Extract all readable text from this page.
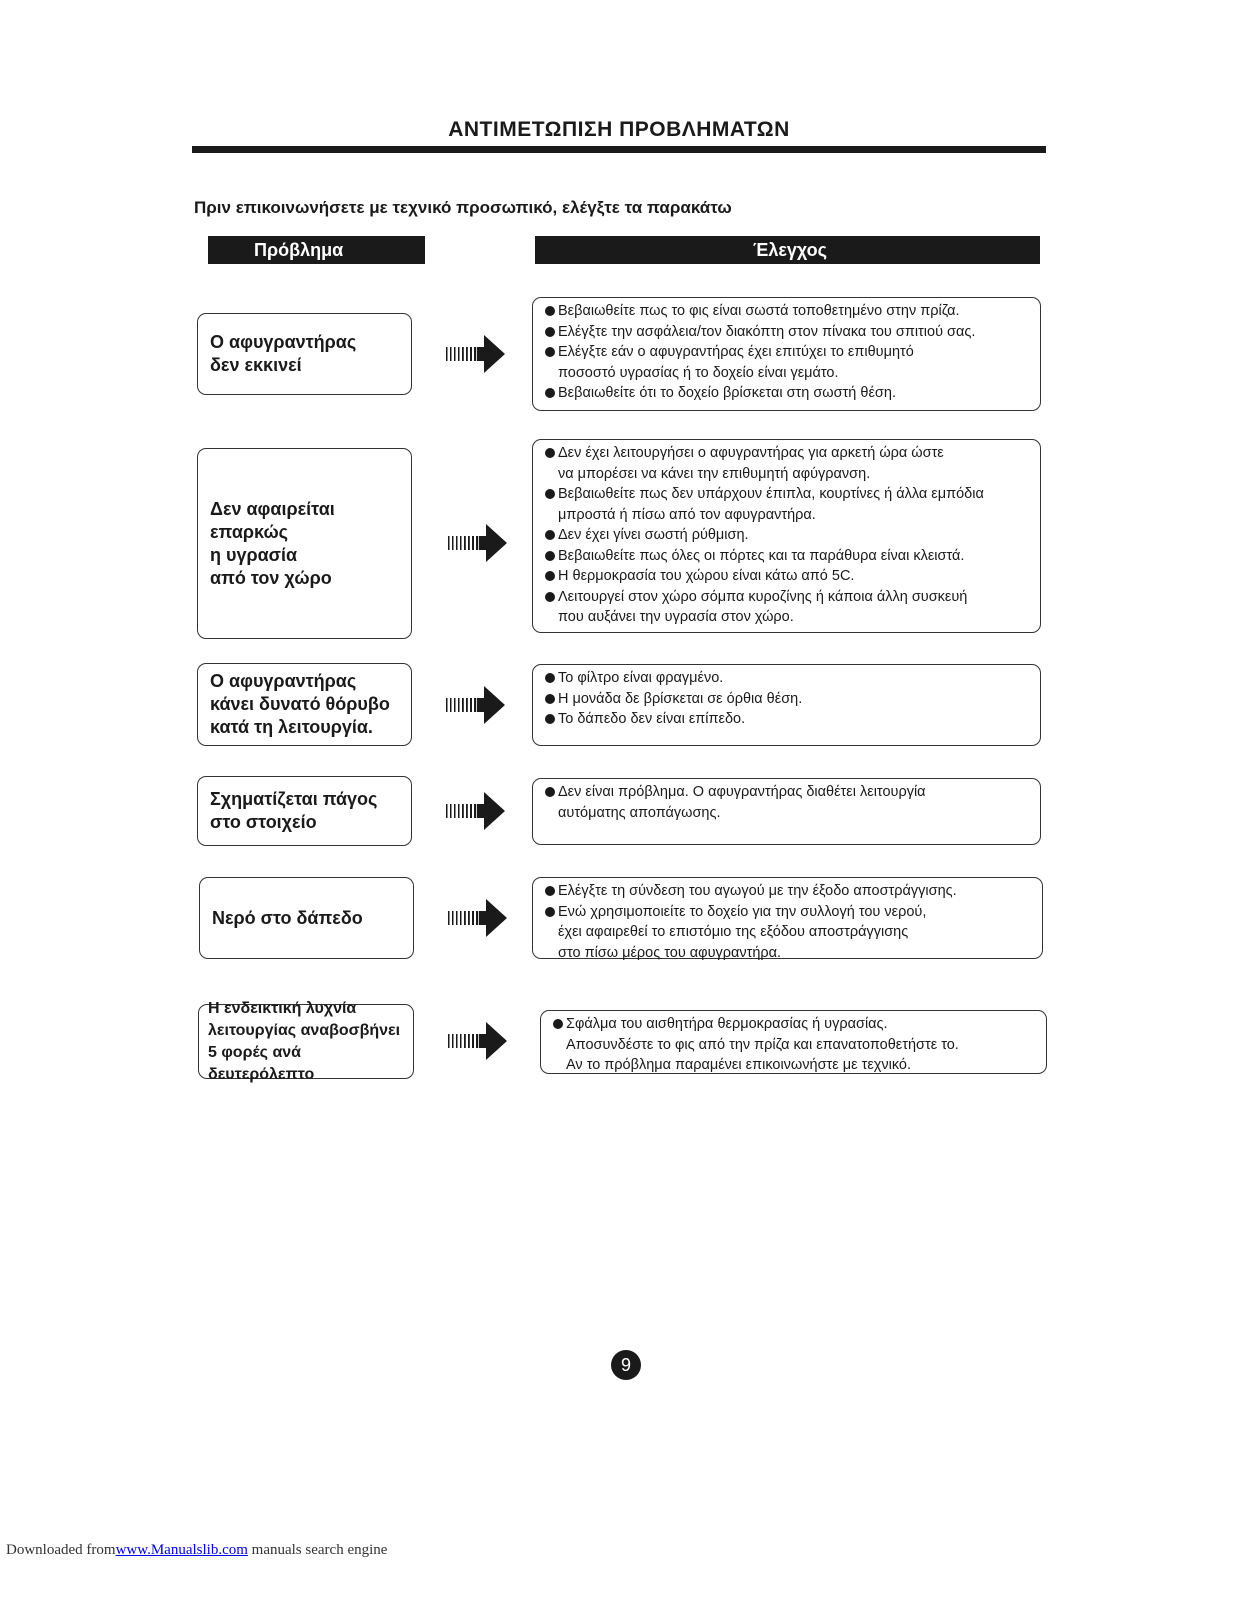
ΑΝΤΙΜΕΤΩΠΙΣΗ ΠΡΟΒΛΗΜΑΤΩΝ
Πριν επικοινωνήσετε με τεχνικό προσωπικό, ελέγξτε τα παρακάτω
Πρόβλημα	Έλεγχος
Ο αφυγραντήρας
δεν εκκινεί
Βεβαιωθείτε πως το φις είναι σωστά τοποθετημένο στην πρίζα.
Ελέγξτε την ασφάλεια/τον διακόπτη στον πίνακα του σπιτιού σας.
Ελέγξτε εάν ο αφυγραντήρας έχει επιτύχει το επιθυμητό
ποσοστό υγρασίας ή το δοχείο είναι γεμάτο.
Βεβαιωθείτε ότι το δοχείο βρίσκεται στη σωστή θέση.
Δεν αφαιρείται
επαρκώς
η υγρασία
από τον χώρο
Δεν έχει λειτουργήσει ο αφυγραντήρας για αρκετή ώρα ώστε
να μπορέσει να κάνει την επιθυμητή αφύγρανση.
Βεβαιωθείτε πως δεν υπάρχουν έπιπλα, κουρτίνες ή άλλα εμπόδια
μπροστά ή πίσω από τον αφυγραντήρα.
Δεν έχει γίνει σωστή ρύθμιση.
Βεβαιωθείτε πως όλες οι πόρτες και τα παράθυρα είναι κλειστά.
Η θερμοκρασία του χώρου είναι κάτω από 5C.
Λειτουργεί στον χώρο σόμπα κυροζίνης ή κάποια άλλη συσκευή
που αυξάνει την υγρασία στον χώρο.
Ο αφυγραντήρας
κάνει δυνατό θόρυβο
κατά τη λειτουργία.
Το φίλτρο είναι φραγμένο.
Η μονάδα δε βρίσκεται σε όρθια θέση.
Το δάπεδο δεν είναι επίπεδο.
Σχηματίζεται πάγος
στο στοιχείο
Δεν είναι πρόβλημα. Ο αφυγραντήρας διαθέτει λειτουργία
αυτόματης αποπάγωσης.
Νερό στο δάπεδο
Ελέγξτε τη σύνδεση του αγωγού με την έξοδο αποστράγγισης.
Ενώ χρησιμοποιείτε το δοχείο για την συλλογή του νερού,
έχει αφαιρεθεί το επιστόμιο της εξόδου αποστράγγισης
στο πίσω μέρος του αφυγραντήρα.
Η ενδεικτική λυχνία
λειτουργίας αναβοσβήνει
5 φορές ανά δευτερόλεπτο
Σφάλμα του αισθητήρα θερμοκρασίας ή υγρασίας.
Αποσυνδέστε το φις από την πρίζα και επανατοποθετήστε το.
Αν το πρόβλημα παραμένει επικοινωνήστε με τεχνικό.
9
Downloaded fromwww.Manualslib.com manuals search engine
